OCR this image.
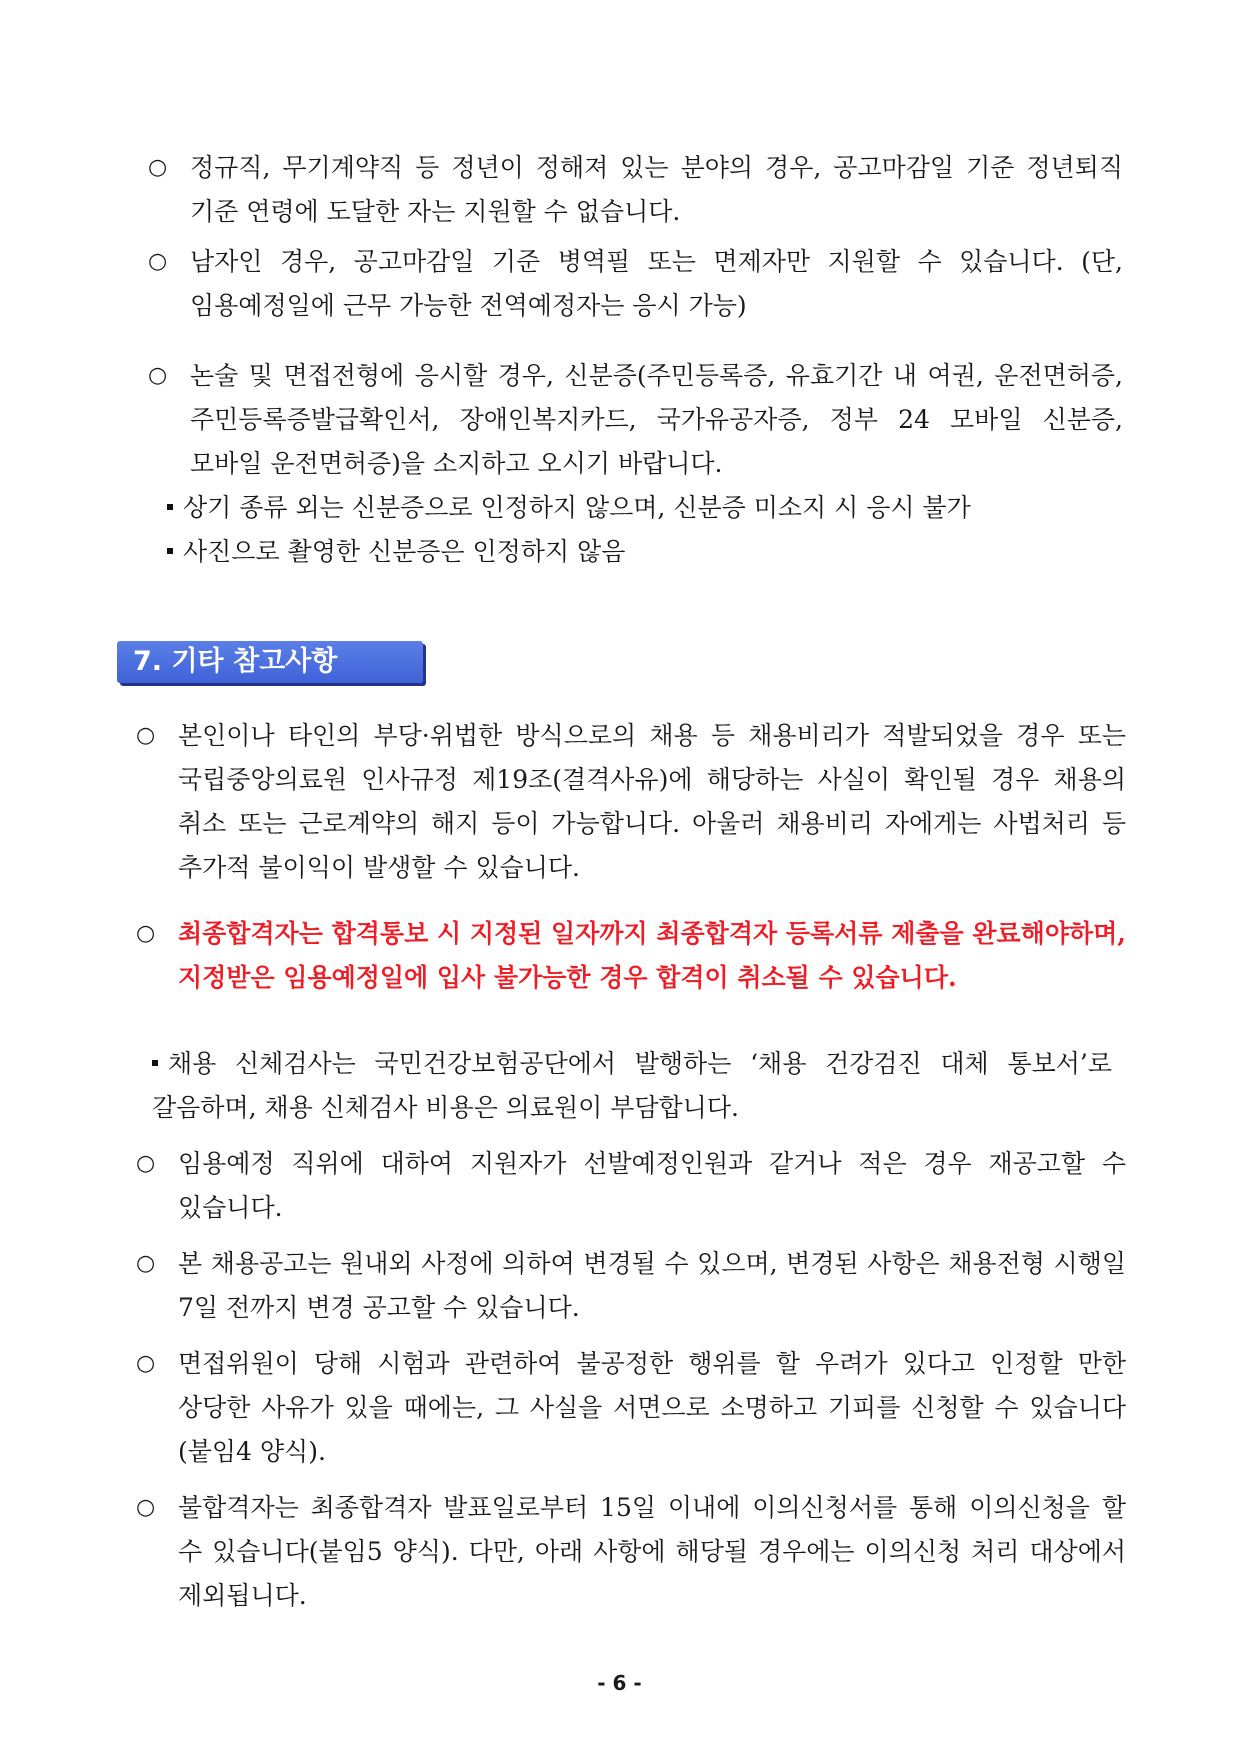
○ 정규직, 무기계약직 등 정년이 정해져 있는 분야의 경우, 공고마감일 기준 정년퇴직 기준 연령에 도달한 자는 지원할 수 없습니다.
○ 남자인 경우, 공고마감일 기준 병역필 또는 면제자만 지원할 수 있습니다. (단, 임용예정일에 근무 가능한 전역예정자는 응시 가능)
○ 논술 및 면접전형에 응시할 경우, 신분증(주민등록증, 유효기간 내 여권, 운전면허증, 주민등록증발급확인서, 장애인복지카드, 국가유공자증, 정부 24 모바일 신분증, 모바일 운전면허증)을 소지하고 오시기 바랍니다.
상기 종류 외는 신분증으로 인정하지 않으며, 신분증 미소지 시 응시 불가
사진으로 촬영한 신분증은 인정하지 않음
7. 기타 참고사항
○ 본인이나 타인의 부당·위법한 방식으로의 채용 등 채용비리가 적발되었을 경우 또는 국립중앙의료원 인사규정 제19조(결격사유)에 해당하는 사실이 확인될 경우 채용의 취소 또는 근로계약의 해지 등이 가능합니다. 아울러 채용비리 자에게는 사법처리 등 추가적 불이익이 발생할 수 있습니다.
○ 최종합격자는 합격통보 시 지정된 일자까지 최종합격자 등록서류 제출을 완료해야하며, 지정받은 임용예정일에 입사 불가능한 경우 합격이 취소될 수 있습니다.
채용 신체검사는 국민건강보험공단에서 발행하는 ‘채용 건강검진 대체 통보서’로 갈음하며, 채용 신체검사 비용은 의료원이 부담합니다.
○ 임용예정 직위에 대하여 지원자가 선발예정인원과 같거나 적은 경우 재공고할 수 있습니다.
○ 본 채용공고는 원내외 사정에 의하여 변경될 수 있으며, 변경된 사항은 채용전형 시행일 7일 전까지 변경 공고할 수 있습니다.
○ 면접위원이 당해 시험과 관련하여 불공정한 행위를 할 우려가 있다고 인정할 만한 상당한 사유가 있을 때에는, 그 사실을 서면으로 소명하고 기피를 신청할 수 있습니다(붙임4 양식).
○ 불합격자는 최종합격자 발표일로부터 15일 이내에 이의신청서를 통해 이의신청을 할 수 있습니다(붙임5 양식). 다만, 아래 사항에 해당될 경우에는 이의신청 처리 대상에서 제외됩니다.
- 6 -
